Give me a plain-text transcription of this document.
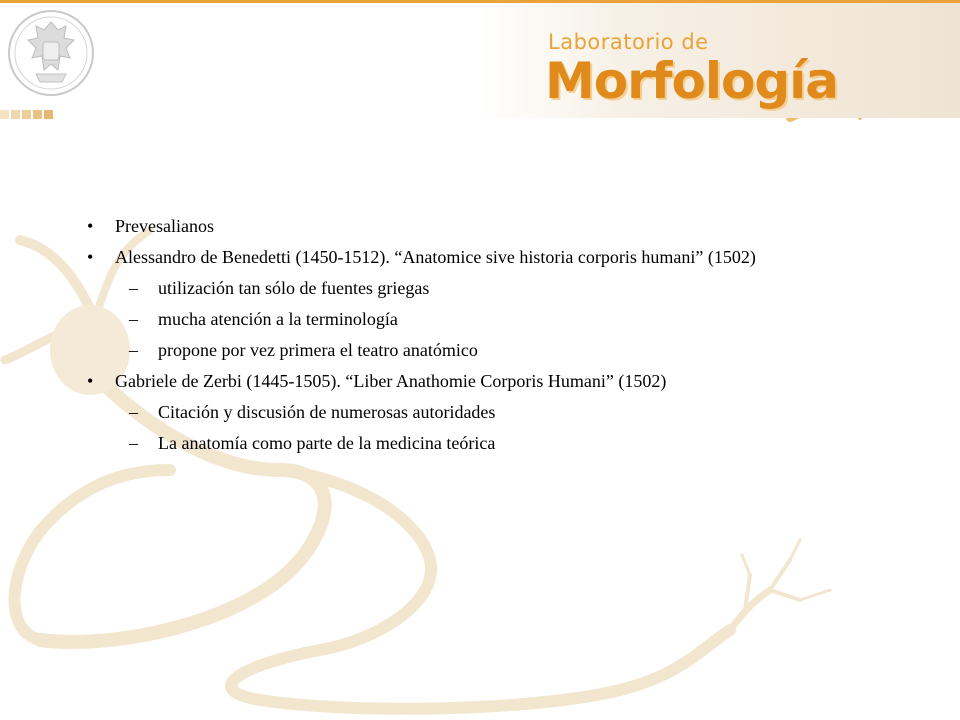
Laboratorio de
Morfología
• Prevesalianos
• Alessandro de Benedetti (1450-1512). “Anatomice sive historia corporis humani” (1502)
– utilización tan sólo de fuentes griegas
– mucha atención a la terminología
– propone por vez primera el teatro anatómico
• Gabriele de Zerbi (1445-1505). “Liber Anathomie Corporis Humani” (1502)
– Citación y discusión de numerosas autoridades
– La anatomía como parte de la medicina teórica
